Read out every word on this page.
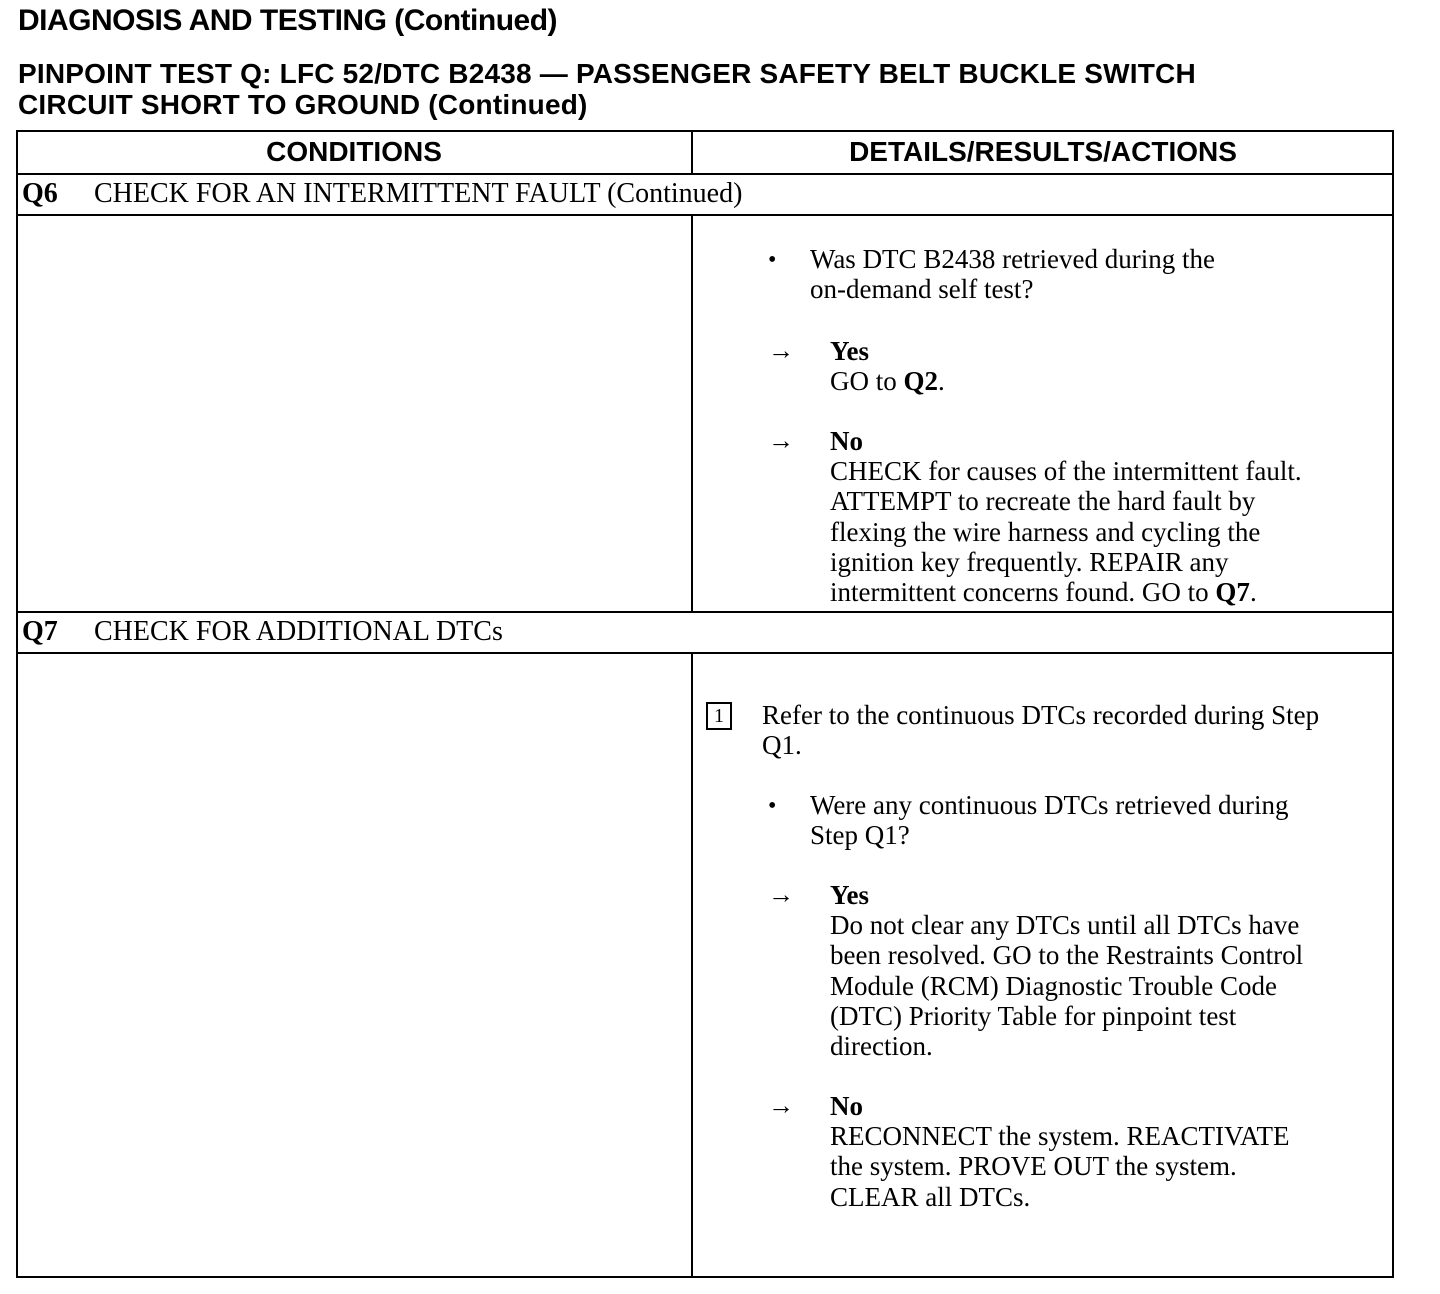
DIAGNOSIS AND TESTING (Continued)
PINPOINT TEST Q: LFC 52/DTC B2438 — PASSENGER SAFETY BELT BUCKLE SWITCH
CIRCUIT SHORT TO GROUND (Continued)
CONDITIONS	DETAILS/RESULTS/ACTIONS
Q6 CHECK FOR AN INTERMITTENT FAULT (Continued)
• Was DTC B2438 retrieved during the
on-demand self test?
→ Yes
GO to Q2.
→ No
CHECK for causes of the intermittent fault.
ATTEMPT to recreate the hard fault by
flexing the wire harness and cycling the
ignition key frequently. REPAIR any
intermittent concerns found. GO to Q7.
Q7 CHECK FOR ADDITIONAL DTCs
1 Refer to the continuous DTCs recorded during Step
Q1.
• Were any continuous DTCs retrieved during
Step Q1?
→ Yes
Do not clear any DTCs until all DTCs have
been resolved. GO to the Restraints Control
Module (RCM) Diagnostic Trouble Code
(DTC) Priority Table for pinpoint test
direction.
→ No
RECONNECT the system. REACTIVATE
the system. PROVE OUT the system.
CLEAR all DTCs.
